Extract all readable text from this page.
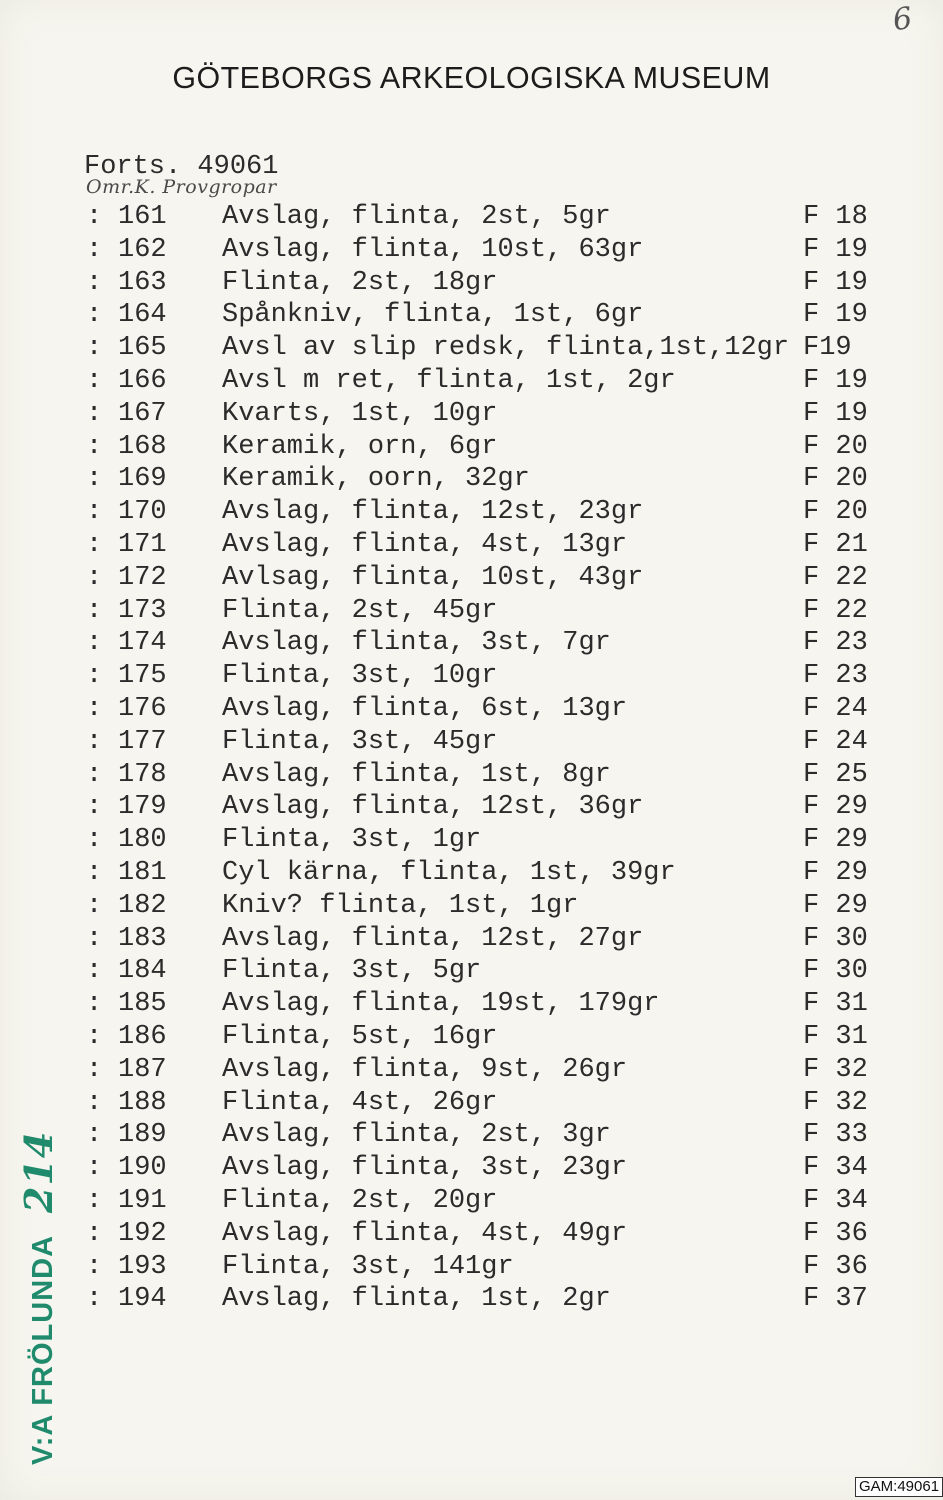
6
GÖTEBORGS ARKEOLOGISKA MUSEUM
Forts. 49061
Omr.K. Provgropar
: 161 Avslag, flinta, 2st, 5gr	F 18
: 162 Avslag, flinta, 10st, 63gr	F 19
: 163 Flinta, 2st, 18gr	F 19
: 164 Spånkniv, flinta, 1st, 6gr	F 19
: 165 Avsl av slip redsk, flinta,1st,12gr F19
: 166 Avsl m ret, flinta, 1st, 2gr	F 19
: 167 Kvarts, 1st, 10gr	F 19
: 168 Keramik, orn, 6gr	F 20
: 169 Keramik, oorn, 32gr	F 20
: 170 Avslag, flinta, 12st, 23gr	F 20
: 171 Avslag, flinta, 4st, 13gr	F 21
: 172 Avlsag, flinta, 10st, 43gr	F 22
: 173 Flinta, 2st, 45gr	F 22
: 174 Avslag, flinta, 3st, 7gr	F 23
: 175 Flinta, 3st, 10gr	F 23
: 176 Avslag, flinta, 6st, 13gr	F 24
: 177 Flinta, 3st, 45gr	F 24
: 178 Avslag, flinta, 1st, 8gr	F 25
: 179 Avslag, flinta, 12st, 36gr	F 29
: 180 Flinta, 3st, 1gr	F 29
: 181 Cyl kärna, flinta, 1st, 39gr	F 29
: 182 Kniv? flinta, 1st, 1gr	F 29
: 183 Avslag, flinta, 12st, 27gr	F 30
: 184 Flinta, 3st, 5gr	F 30
: 185 Avslag, flinta, 19st, 179gr	F 31
: 186 Flinta, 5st, 16gr	F 31
: 187 Avslag, flinta, 9st, 26gr	F 32
: 188 Flinta, 4st, 26gr	F 32
: 189 Avslag, flinta, 2st, 3gr	F 33
: 190 Avslag, flinta, 3st, 23gr	F 34
: 191 Flinta, 2st, 20gr	F 34
: 192 Avslag, flinta, 4st, 49gr	F 36
: 193 Flinta, 3st, 141gr	F 36
: 194 Avslag, flinta, 1st, 2gr	F 37
V:A FRÖLUNDA214
GAM:49061
